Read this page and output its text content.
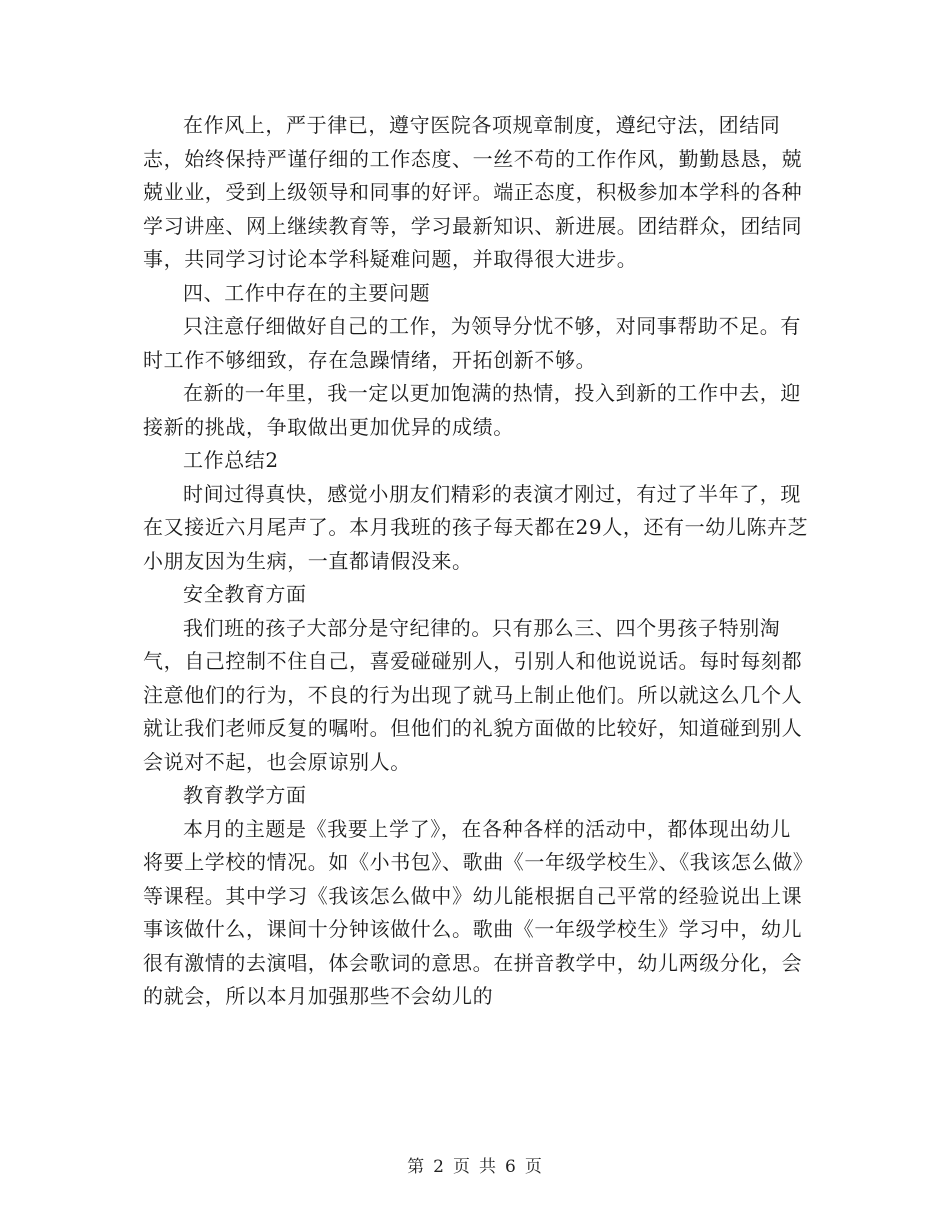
在作风上，严于律已，遵守医院各项规章制度，遵纪守法，团结同志，始终保持严谨仔细的工作态度、一丝不苟的工作作风，勤勤恳恳，兢兢业业，受到上级领导和同事的好评。端正态度，积极参加本学科的各种学习讲座、网上继续教育等，学习最新知识、新进展。团结群众，团结同事，共同学习讨论本学科疑难问题，并取得很大进步。

四、工作中存在的主要问题

只注意仔细做好自己的工作，为领导分忧不够，对同事帮助不足。有时工作不够细致，存在急躁情绪，开拓创新不够。

在新的一年里，我一定以更加饱满的热情，投入到新的工作中去，迎接新的挑战，争取做出更加优异的成绩。

工作总结2

时间过得真快，感觉小朋友们精彩的表演才刚过，有过了半年了，现在又接近六月尾声了。本月我班的孩子每天都在29人，还有一幼儿陈卉芝小朋友因为生病，一直都请假没来。

安全教育方面

我们班的孩子大部分是守纪律的。只有那么三、四个男孩子特别淘气，自己控制不住自己，喜爱碰碰别人，引别人和他说说话。每时每刻都注意他们的行为，不良的行为出现了就马上制止他们。所以就这么几个人就让我们老师反复的嘱咐。但他们的礼貌方面做的比较好，知道碰到别人会说对不起，也会原谅别人。

教育教学方面

本月的主题是《我要上学了》，在各种各样的活动中，都体现出幼儿将要上学校的情况。如《小书包》、歌曲《一年级学校生》、《我该怎么做》等课程。其中学习《我该怎么做中》幼儿能根据自己平常的经验说出上课事该做什么，课间十分钟该做什么。歌曲《一年级学校生》学习中，幼儿很有激情的去演唱，体会歌词的意思。在拼音教学中，幼儿两级分化，会的就会，所以本月加强那些不会幼儿的

第 2 页 共 6 页
